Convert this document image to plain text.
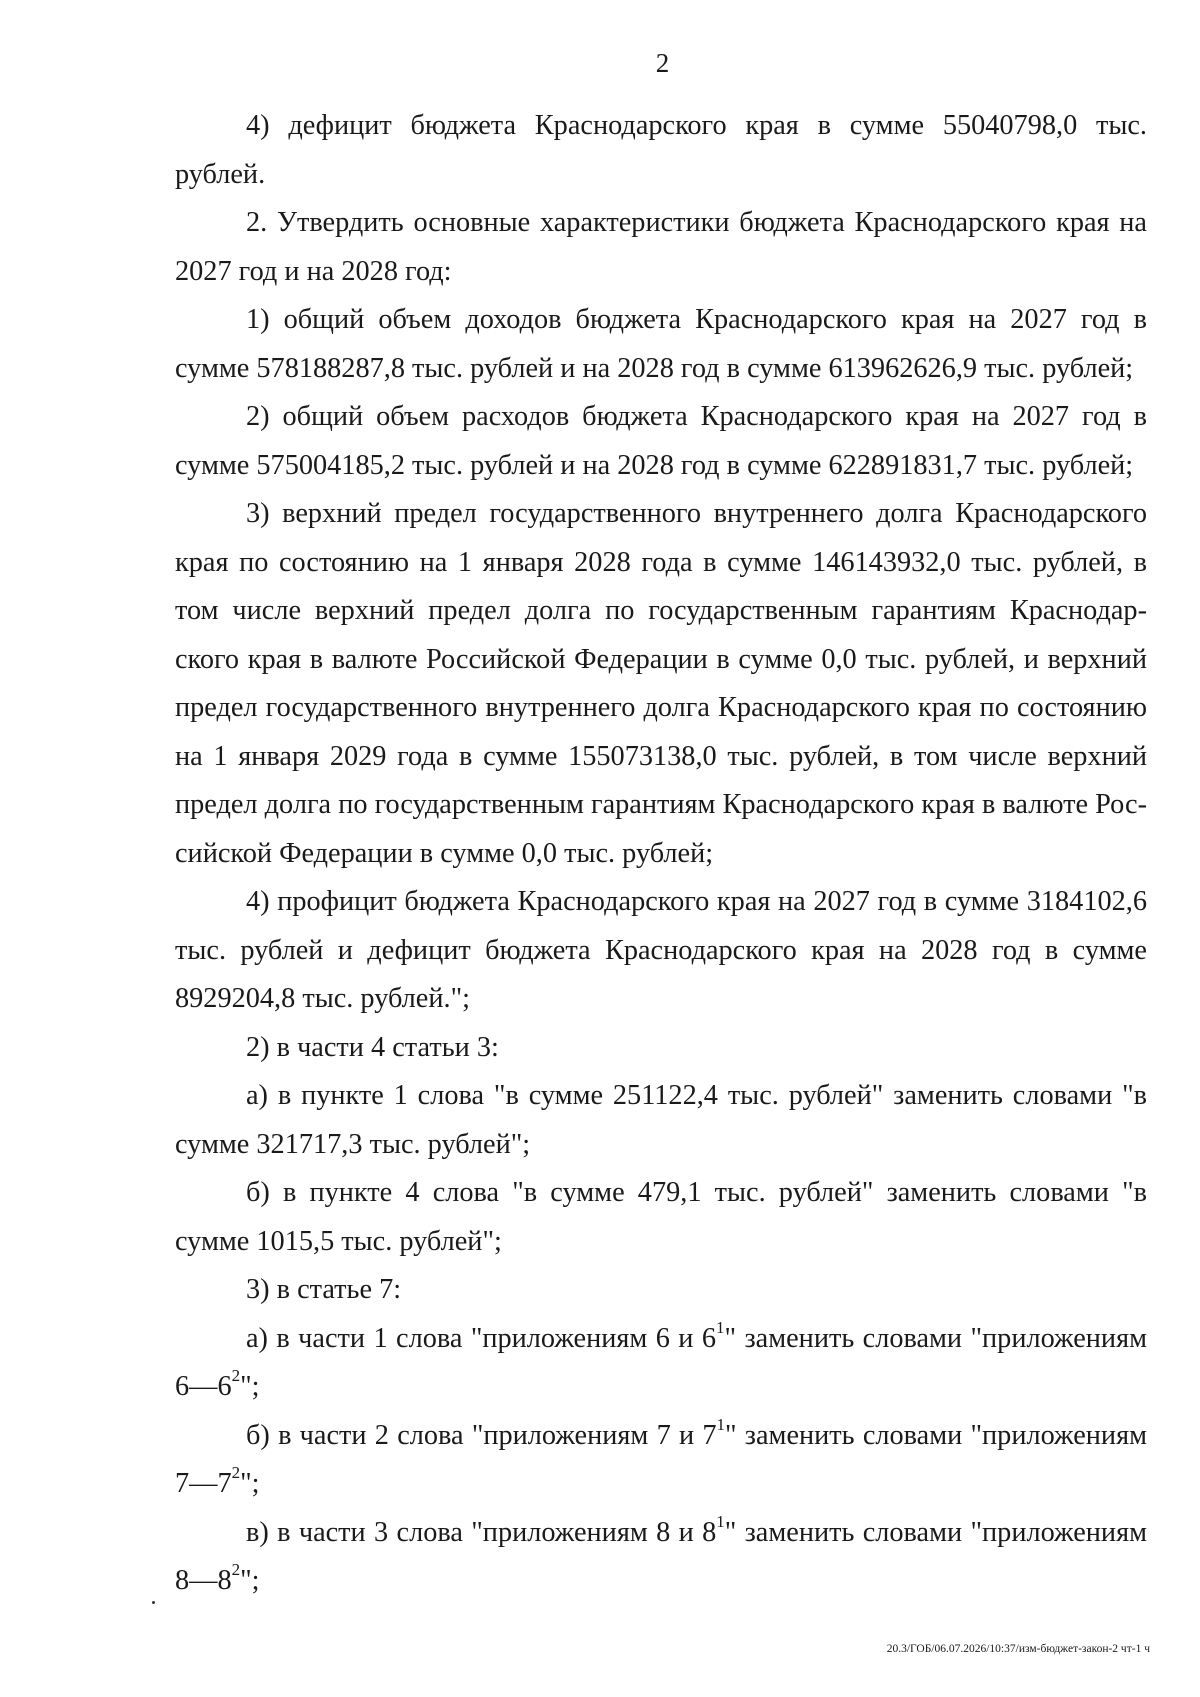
2

4) дефицит бюджета Краснодарского края в сумме 55040798,0 тыс. рублей.

2. Утвердить основные характеристики бюджета Краснодарского края на 2027 год и на 2028 год:

1) общий объем доходов бюджета Краснодарского края на 2027 год в сумме 578188287,8 тыс. рублей и на 2028 год в сумме 613962626,9 тыс. рублей;

2) общий объем расходов бюджета Краснодарского края на 2027 год в сумме 575004185,2 тыс. рублей и на 2028 год в сумме 622891831,7 тыс. рублей;

3) верхний предел государственного внутреннего долга Краснодарского края по состоянию на 1 января 2028 года в сумме 146143932,0 тыс. рублей, в том числе верхний предел долга по государственным гарантиям Краснодарского края в валюте Российской Федерации в сумме 0,0 тыс. рублей, и верхний предел государственного внутреннего долга Краснодарского края по состоянию на 1 января 2029 года в сумме 155073138,0 тыс. рублей, в том числе верхний предел долга по государственным гарантиям Краснодарского края в валюте Российской Федерации в сумме 0,0 тыс. рублей;

4) профицит бюджета Краснодарского края на 2027 год в сумме 3184102,6 тыс. рублей и дефицит бюджета Краснодарского края на 2028 год в сумме 8929204,8 тыс. рублей.";

2) в части 4 статьи 3:

а) в пункте 1 слова "в сумме 251122,4 тыс. рублей" заменить словами "в сумме 321717,3 тыс. рублей";

б) в пункте 4 слова "в сумме 479,1 тыс. рублей" заменить словами "в сумме 1015,5 тыс. рублей";

3) в статье 7:

а) в части 1 слова "приложениям 6 и $6^1$" заменить словами "приложениям $6—6^2$";

б) в части 2 слова "приложениям 7 и $7^1$" заменить словами "приложениям $7—7^2$";

в) в части 3 слова "приложениям 8 и $8^1$" заменить словами "приложениям $8—8^2$";

20.3/ГОБ/06.07.2026/10:37/изм-бюджет-закон-2 чт-1 ч
